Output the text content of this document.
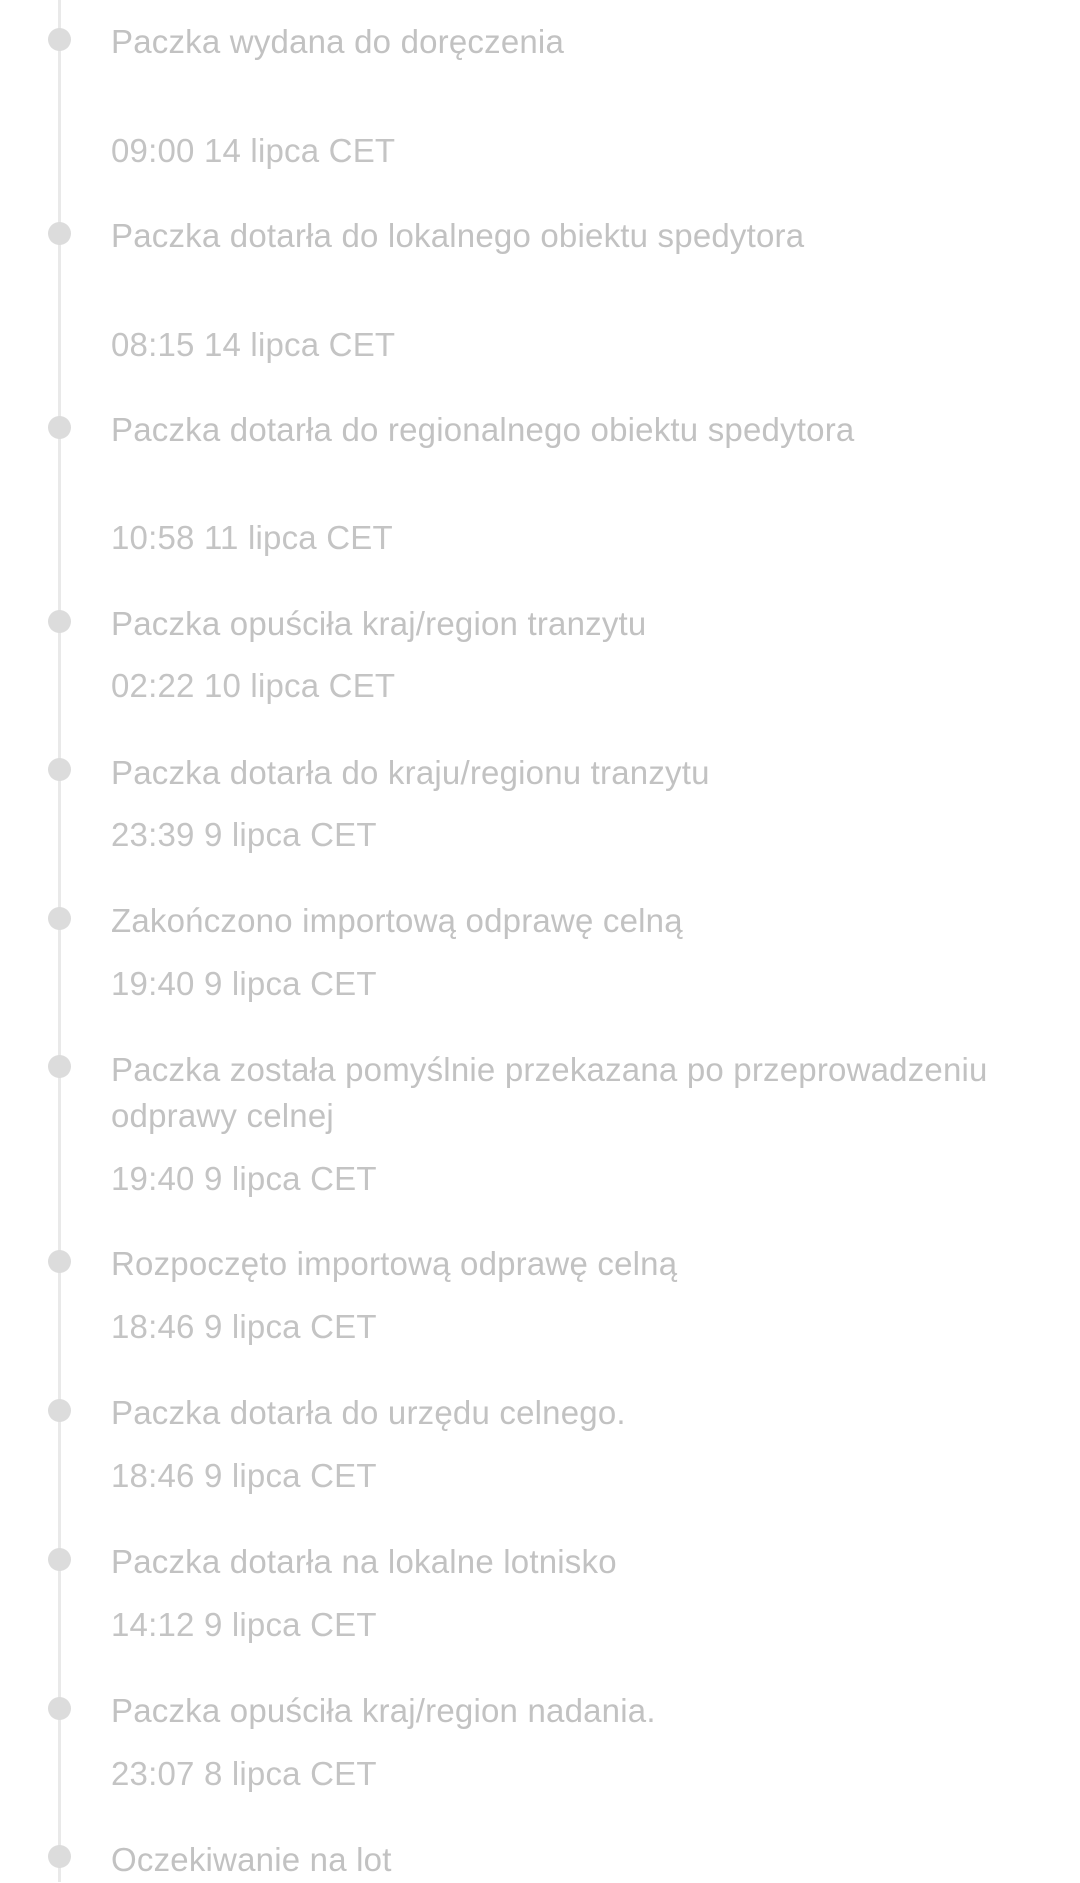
Paczka wydana do doręczenia
09:00 14 lipca CET
Paczka dotarła do lokalnego obiektu spedytora
08:15 14 lipca CET
Paczka dotarła do regionalnego obiektu spedytora
10:58 11 lipca CET
Paczka opuściła kraj/region tranzytu
02:22 10 lipca CET
Paczka dotarła do kraju/regionu tranzytu
23:39 9 lipca CET
Zakończono importową odprawę celną
19:40 9 lipca CET
Paczka została pomyślnie przekazana po przeprowadzeniu odprawy celnej
19:40 9 lipca CET
Rozpoczęto importową odprawę celną
18:46 9 lipca CET
Paczka dotarła do urzędu celnego.
18:46 9 lipca CET
Paczka dotarła na lokalne lotnisko
14:12 9 lipca CET
Paczka opuściła kraj/region nadania.
23:07 8 lipca CET
Oczekiwanie na lot
